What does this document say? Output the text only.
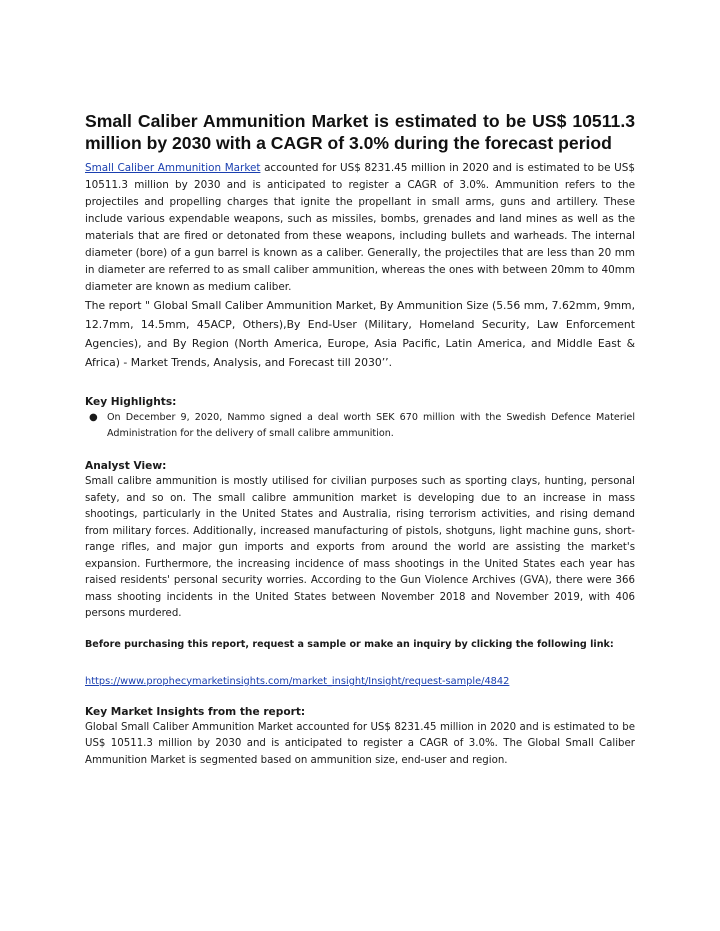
Small Caliber Ammunition Market is estimated to be US$ 10511.3 million by 2030 with a CAGR of 3.0% during the forecast period

Small Caliber Ammunition Market accounted for US$ 8231.45 million in 2020 and is estimated to be US$ 10511.3 million by 2030 and is anticipated to register a CAGR of 3.0%. Ammunition refers to the projectiles and propelling charges that ignite the propellant in small arms, guns and artillery. These include various expendable weapons, such as missiles, bombs, grenades and land mines as well as the materials that are fired or detonated from these weapons, including bullets and warheads. The internal diameter (bore) of a gun barrel is known as a caliber. Generally, the projectiles that are less than 20 mm in diameter are referred to as small caliber ammunition, whereas the ones with between 20mm to 40mm diameter are known as medium caliber.

The report " Global Small Caliber Ammunition Market, By Ammunition Size (5.56 mm, 7.62mm, 9mm, 12.7mm, 14.5mm, 45ACP, Others),By End-User (Military, Homeland Security, Law Enforcement Agencies), and By Region (North America, Europe, Asia Pacific, Latin America, and Middle East & Africa) - Market Trends, Analysis, and Forecast till 2030’’.

Key Highlights:

● On December 9, 2020, Nammo signed a deal worth SEK 670 million with the Swedish Defence Materiel Administration for the delivery of small calibre ammunition.

Analyst View:

Small calibre ammunition is mostly utilised for civilian purposes such as sporting clays, hunting, personal safety, and so on. The small calibre ammunition market is developing due to an increase in mass shootings, particularly in the United States and Australia, rising terrorism activities, and rising demand from military forces. Additionally, increased manufacturing of pistols, shotguns, light machine guns, short-range rifles, and major gun imports and exports from around the world are assisting the market's expansion. Furthermore, the increasing incidence of mass shootings in the United States each year has raised residents' personal security worries. According to the Gun Violence Archives (GVA), there were 366 mass shooting incidents in the United States between November 2018 and November 2019, with 406 persons murdered.

Before purchasing this report, request a sample or make an inquiry by clicking the following link:

https://www.prophecymarketinsights.com/market_insight/Insight/request-sample/4842

Key Market Insights from the report:

Global Small Caliber Ammunition Market accounted for US$ 8231.45 million in 2020 and is estimated to be US$ 10511.3 million by 2030 and is anticipated to register a CAGR of 3.0%. The Global Small Caliber Ammunition Market is segmented based on ammunition size, end-user and region.
